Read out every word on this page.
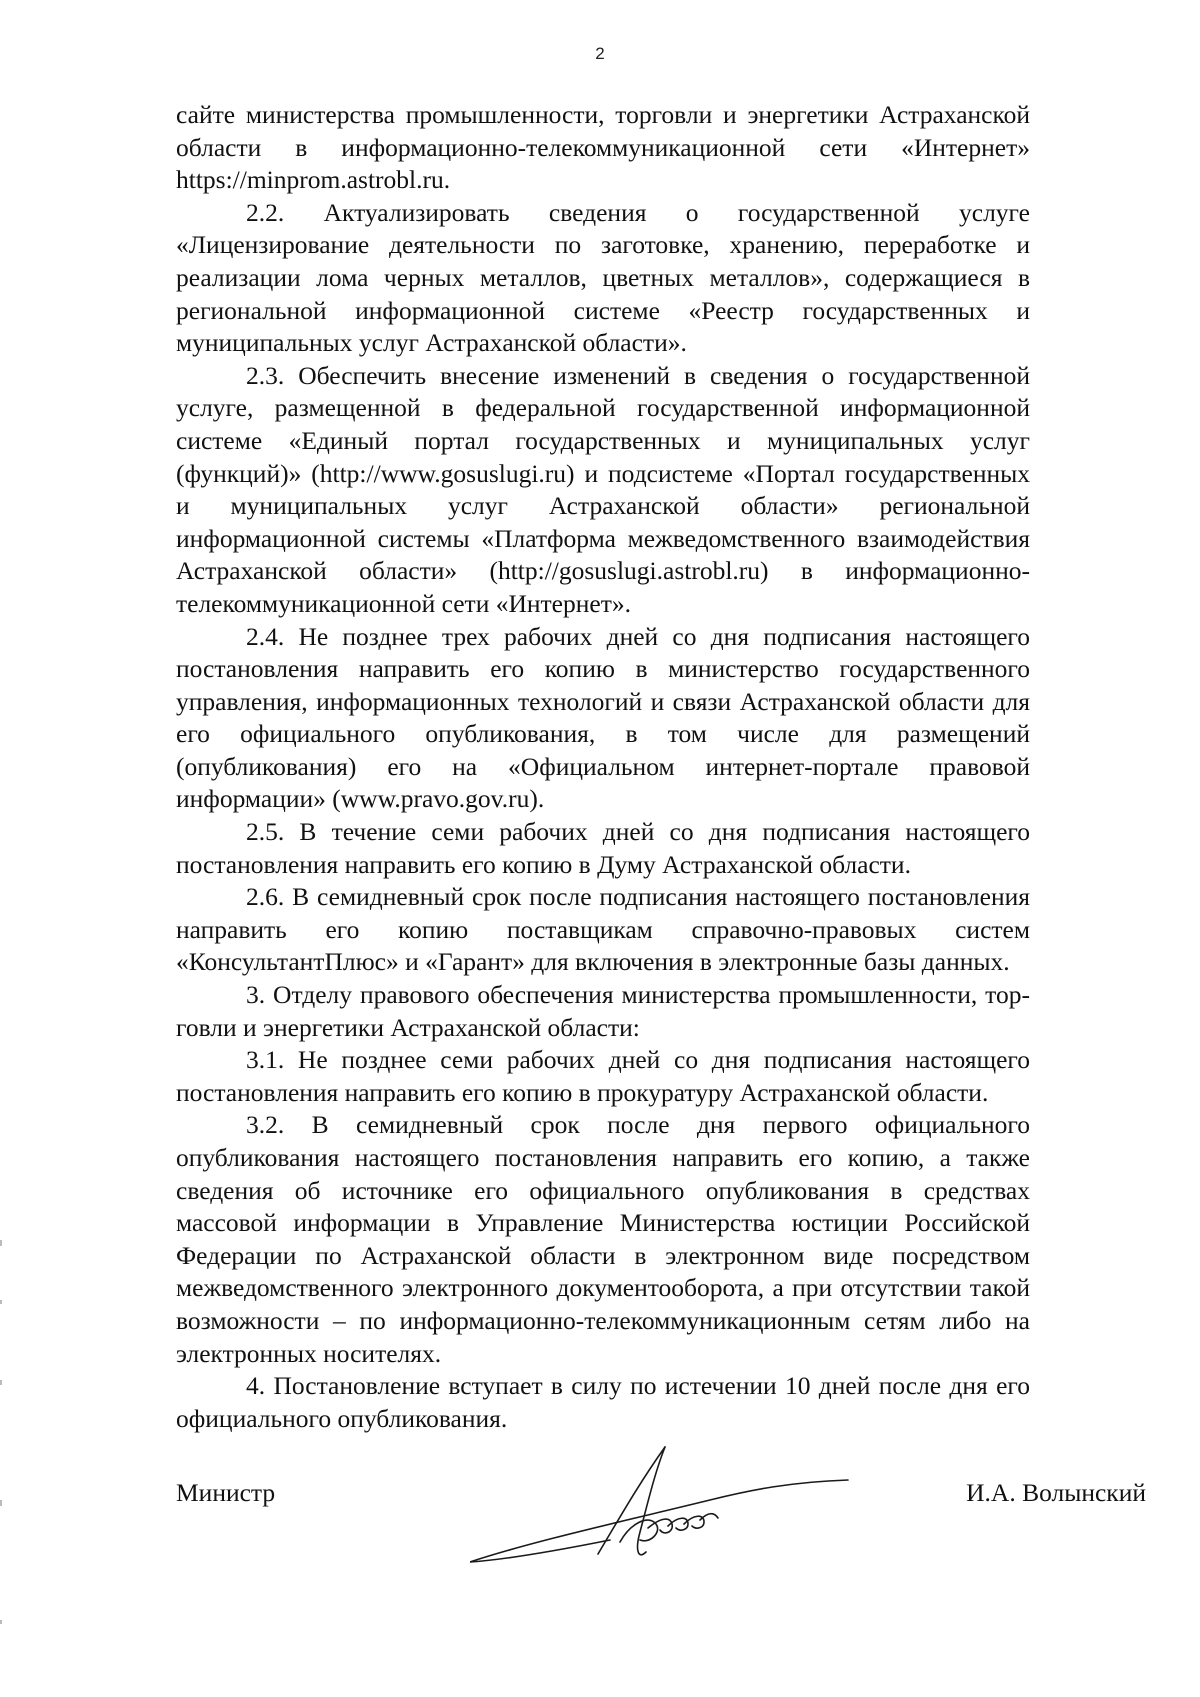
2

сайте министерства промышленности, торговли и энергетики Астраханской области в информационно-телекоммуникационной сети «Интернет» https://minprom.astrobl.ru.

2.2. Актуализировать сведения о государственной услуге «Лицензирование деятельности по заготовке, хранению, переработке и реализации лома черных металлов, цветных металлов», содержащиеся в региональной информационной системе «Реестр государственных и муниципальных услуг Астраханской области».

2.3. Обеспечить внесение изменений в сведения о государственной услуге, размещенной в федеральной государственной информационной системе «Единый портал государственных и муниципальных услуг (функций)» (http://www.gosuslugi.ru) и подсистеме «Портал государственных и муниципальных услуг Астраханской области» региональной информационной системы «Платформа межведомственного взаимодействия Астраханской области» (http://gosuslugi.astrobl.ru) в информационно-телекоммуникационной сети «Интернет».

2.4. Не позднее трех рабочих дней со дня подписания настоящего постановления направить его копию в министерство государственного управления, информационных технологий и связи Астраханской области для его официального опубликования, в том числе для размещений (опубликования) его на «Официальном интернет-портале правовой информации» (www.pravo.gov.ru).

2.5. В течение семи рабочих дней со дня подписания настоящего постановления направить его копию в Думу Астраханской области.

2.6. В семидневный срок после подписания настоящего постановления направить его копию поставщикам справочно-правовых систем «КонсультантПлюс» и «Гарант» для включения в электронные базы данных.

3. Отделу правового обеспечения министерства промышленности, торговли и энергетики Астраханской области:

3.1. Не позднее семи рабочих дней со дня подписания настоящего постановления направить его копию в прокуратуру Астраханской области.

3.2. В семидневный срок после дня первого официального опубликования настоящего постановления направить его копию, а также сведения об источнике его официального опубликования в средствах массовой информации в Управление Министерства юстиции Российской Федерации по Астраханской области в электронном виде посредством межведомственного электронного документооборота, а при отсутствии такой возможности – по информационно-телекоммуникационным сетям либо на электронных носителях.

4. Постановление вступает в силу по истечении 10 дней после дня его официального опубликования.

Министр	И.А. Волынский
